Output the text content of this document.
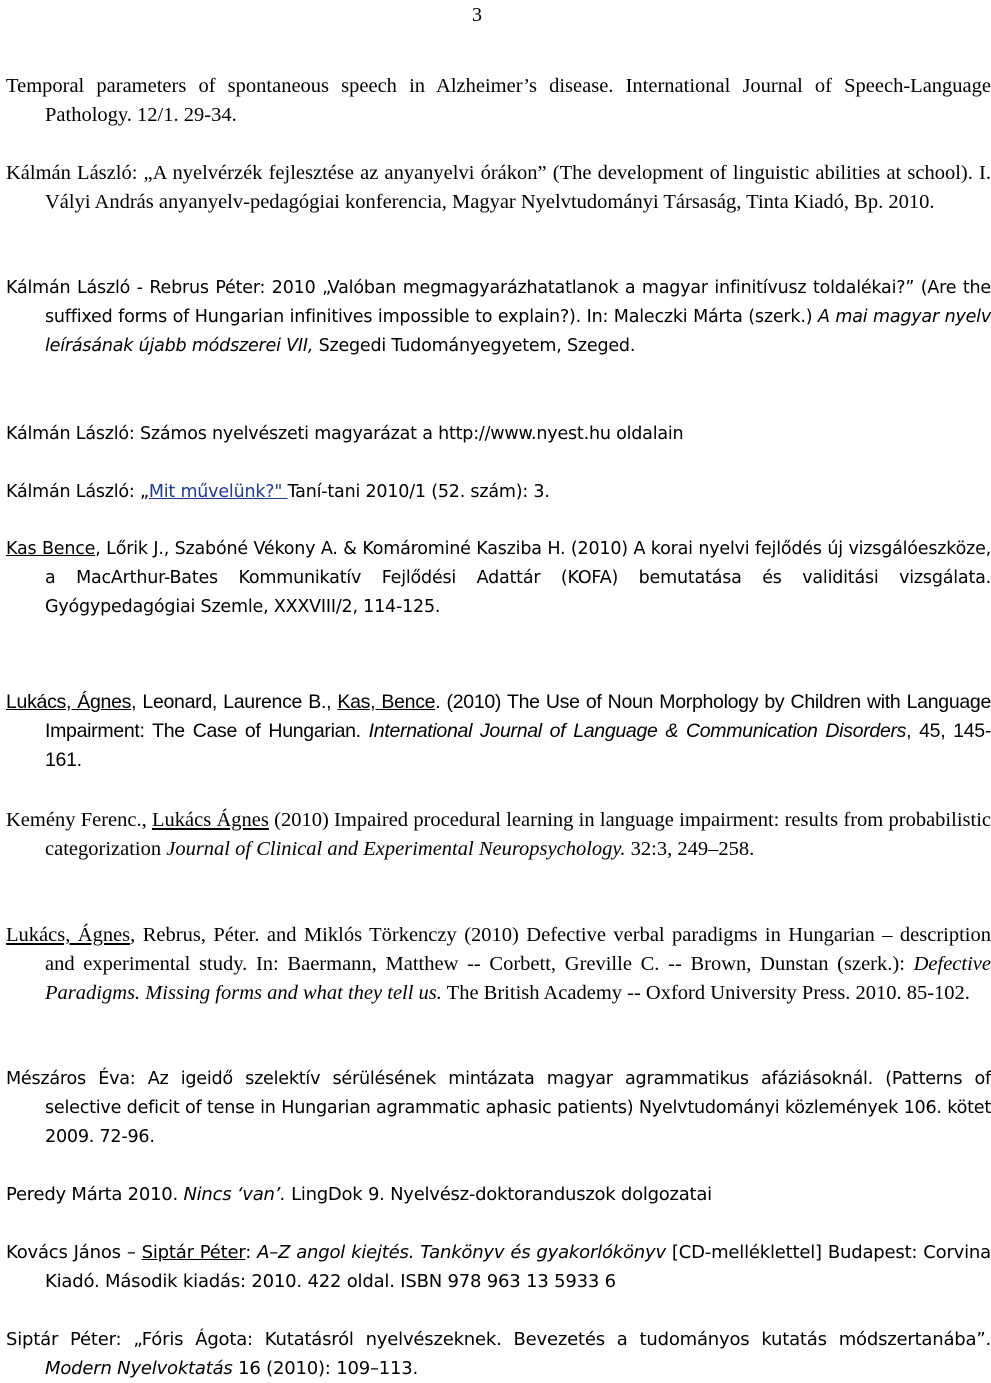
3

Temporal parameters of spontaneous speech in Alzheimer’s disease. International Journal of Speech-Language Pathology. 12/1. 29-34.

Kálmán László: „A nyelvérzék fejlesztése az anyanyelvi órákon” (The development of linguistic abilities at school). I. Vályi András anyanyelv-pedagógiai konferencia, Magyar Nyelvtudományi Társaság, Tinta Kiadó, Bp. 2010.

Kálmán László - Rebrus Péter: 2010 „Valóban megmagyarázhatatlanok a magyar infinitívusz toldalékai?” (Are the suffixed forms of Hungarian infinitives impossible to explain?). In: Maleczki Márta (szerk.) A mai magyar nyelv leírásának újabb módszerei VII, Szegedi Tudományegyetem, Szeged.

Kálmán László: Számos nyelvészeti magyarázat a http://www.nyest.hu oldalain

Kálmán László: „Mit művelünk?" Taní-tani 2010/1 (52. szám): 3.

Kas Bence, Lőrik J., Szabóné Vékony A. & Komárominé Kasziba H. (2010) A korai nyelvi fejlődés új vizsgálóeszköze, a MacArthur-Bates Kommunikatív Fejlődési Adattár (KOFA) bemutatása és validitási vizsgálata. Gyógypedagógiai Szemle, XXXVIII/2, 114-125.

Lukács, Ágnes, Leonard, Laurence B., Kas, Bence. (2010) The Use of Noun Morphology by Children with Language Impairment: The Case of Hungarian. International Journal of Language & Communication Disorders, 45, 145-161.

Kemény Ferenc., Lukács Ágnes (2010) Impaired procedural learning in language impairment: results from probabilistic categorization Journal of Clinical and Experimental Neuropsychology. 32:3, 249–258.

Lukács, Ágnes, Rebrus, Péter. and Miklós Törkenczy (2010) Defective verbal paradigms in Hungarian – description and experimental study. In: Baermann, Matthew -- Corbett, Greville C. -- Brown, Dunstan (szerk.): Defective Paradigms. Missing forms and what they tell us. The British Academy -- Oxford University Press. 2010. 85-102.

Mészáros Éva: Az igeidő szelektív sérülésének mintázata magyar agrammatikus afáziásoknál. (Patterns of selective deficit of tense in Hungarian agrammatic aphasic patients) Nyelvtudományi közlemények 106. kötet 2009. 72-96.

Peredy Márta 2010. Nincs ‘van’. LingDok 9. Nyelvész-doktoranduszok dolgozatai

Kovács János – Siptár Péter: A–Z angol kiejtés. Tankönyv és gyakorlókönyv [CD-melléklettel] Budapest: Corvina Kiadó. Második kiadás: 2010. 422 oldal. ISBN 978 963 13 5933 6

Siptár Péter: „Fóris Ágota: Kutatásról nyelvészeknek. Bevezetés a tudományos kutatás módszertanába”. Modern Nyelvoktatás 16 (2010): 109–113.
